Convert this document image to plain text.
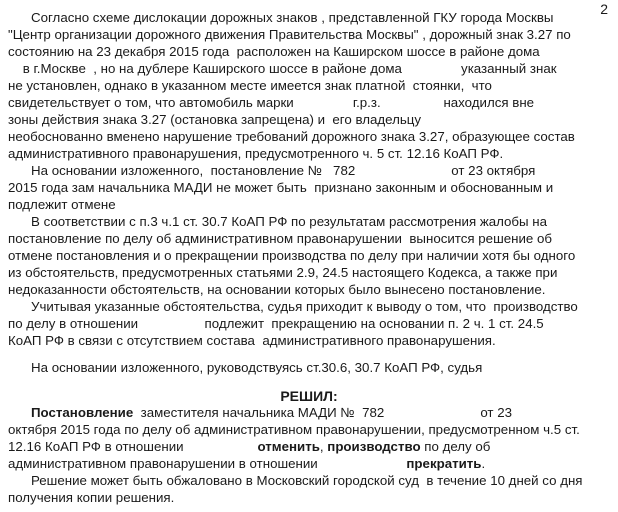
2
Согласно схеме дислокации дорожных знаков , представленной ГКУ города Москвы
"Центр организации дорожного движения Правительства Москвы" , дорожный знак 3.27 по
состоянию на 23 декабря 2015 года  расположен на Каширском шоссе в районе дома
в г.Москве  , но на дублере Каширского шоссе в районе дома                указанный знак
не установлен, однако в указанном месте имеется знак платной  стоянки,  что
свидетельствует о том, что автомобиль марки                г.р.з.                 находился вне
зоны действия знака 3.27 (остановка запрещена) и  его владельцу
необоснованно вменено нарушение требований дорожного знака 3.27, образующее состав
административного правонарушения, предусмотренного ч. 5 ст. 12.16 КоАП РФ.
На основании изложенного,  постановление №   782                          от 23 октября
2015 года зам начальника МАДИ не может быть  признано законным и обоснованным и
подлежит отмене
В соответствии с п.3 ч.1 ст. 30.7 КоАП РФ по результатам рассмотрения жалобы на
постановление по делу об административном правонарушении  выносится решение об
отмене постановления и о прекращении производства по делу при наличии хотя бы одного
из обстоятельств, предусмотренных статьями 2.9, 24.5 настоящего Кодекса, а также при
недоказанности обстоятельств, на основании которых было вынесено постановление.
Учитывая указанные обстоятельства, судья приходит к выводу о том, что  производство
по делу в отношении                  подлежит  прекращению на основании п. 2 ч. 1 ст. 24.5
КоАП РФ в связи с отсутствием состава  административного правонарушения.
На основании изложенного, руководствуясь ст.30.6, 30.7 КоАП РФ, судья
РЕШИЛ:
Постановление  заместителя начальника МАДИ №  782                          от 23
октября 2015 года по делу об административном правонарушении, предусмотренном ч.5 ст.
12.16 КоАП РФ в отношении                    отменить, производство по делу об
административном правонарушении в отношении                        прекратить.
Решение может быть обжаловано в Московский городской суд  в течение 10 дней со дня
получения копии решения.
